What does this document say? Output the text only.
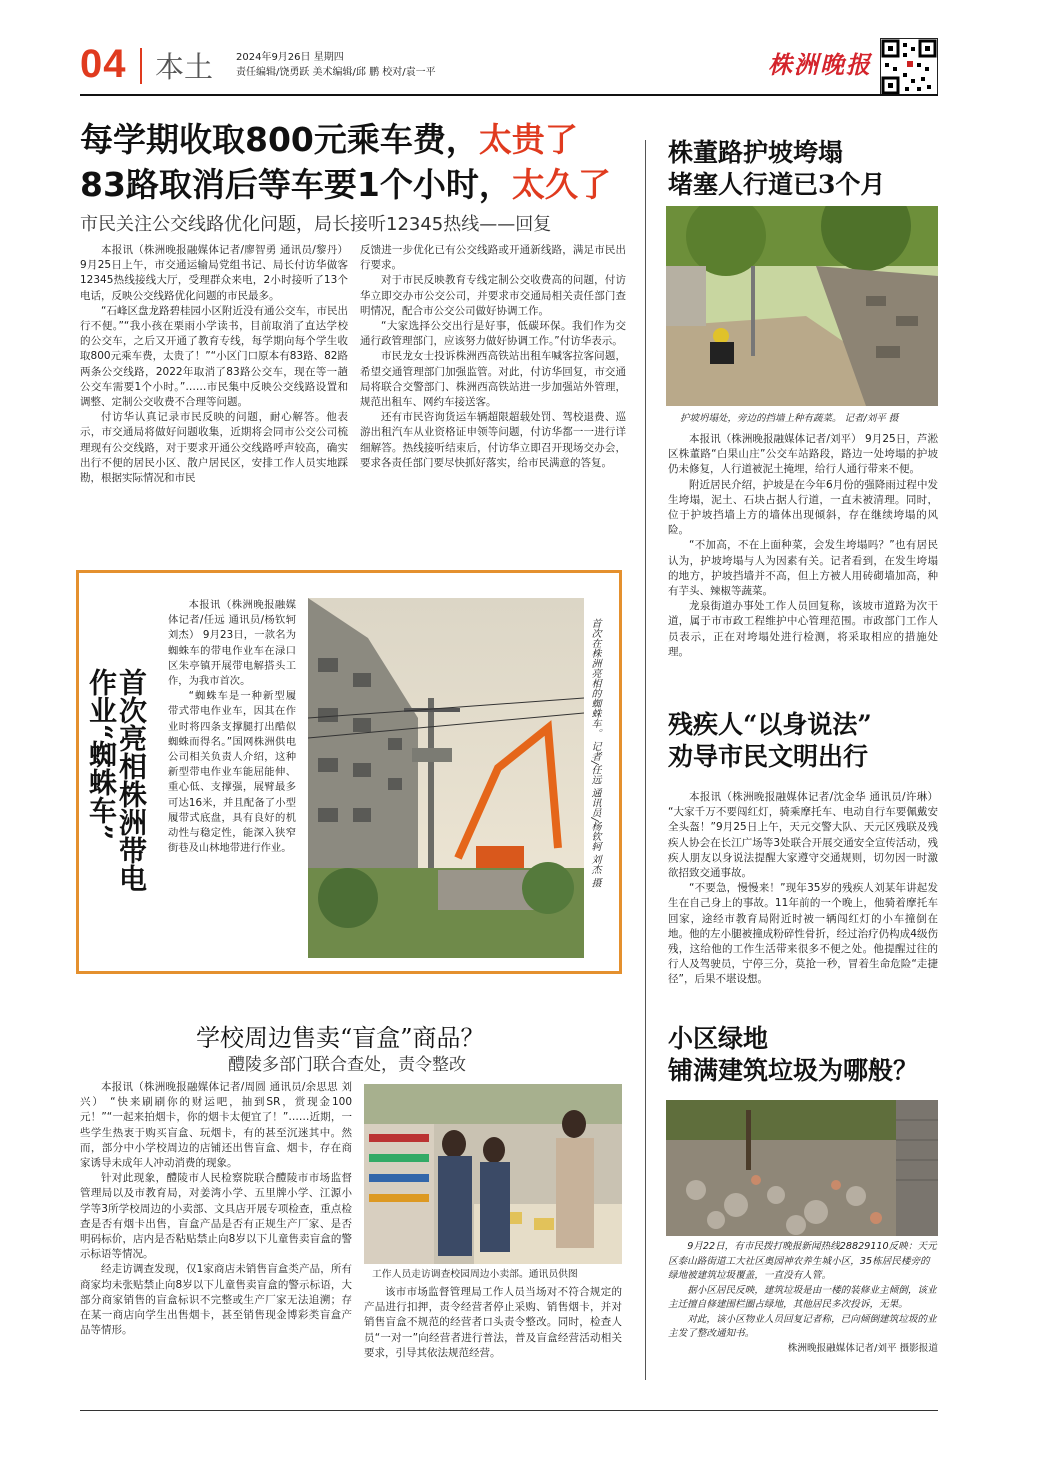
04 本土 2024年9月26日 星期四
责任编辑/饶勇跃 美术编辑/邱 鹏 校对/袁一平	株洲晚报
每学期收取800元乘车费，太贵了
83路取消后等车要1个小时，太久了
市民关注公交线路优化问题，局长接听12345热线——回复

本报讯（株洲晚报融媒体记者/廖智勇 通讯员/黎丹） 9月25日上午，市交通运输局党组书记、局长付访华做客12345热线接线大厅，受理群众来电，2小时接听了13个电话，反映公交线路优化问题的市民最多。

“石峰区盘龙路碧桂园小区附近没有通公交车，市民出行不便。”“我小孩在栗雨小学读书，目前取消了直达学校的公交车，之后又开通了教育专线，每学期向每个学生收取800元乘车费，太贵了！”“小区门口原本有83路、82路两条公交线路，2022年取消了83路公交车，现在等一趟公交车需要1个小时。”……市民集中反映公交线路设置和调整、定制公交收费不合理等问题。

付访华认真记录市民反映的问题，耐心解答。他表示，市交通局将做好问题收集，近期将会同市公交公司梳理现有公交线路，对于要求开通公交线路呼声较高，确实出行不便的居民小区、散户居民区，安排工作人员实地踩勘，根据实际情况和市民

反馈进一步优化已有公交线路或开通新线路，满足市民出行要求。

对于市民反映教育专线定制公交收费高的问题，付访华立即交办市公交公司，并要求市交通局相关责任部门查明情况，配合市公交公司做好协调工作。

“大家选择公交出行是好事，低碳环保。我们作为交通行政管理部门，应该努力做好协调工作。”付访华表示。

市民龙女士投诉株洲西高铁站出租车喊客拉客问题，希望交通管理部门加强监管。对此，付访华回复，市交通局将联合交警部门、株洲西高铁站进一步加强站外管理，规范出租车、网约车接送客。

还有市民咨询货运车辆超限超载处罚、驾校退费、巡游出租汽车从业资格证申领等问题，付访华都一一进行详细解答。热线接听结束后，付访华立即召开现场交办会，要求各责任部门要尽快抓好落实，给市民满意的答复。

首次亮相株洲带电作业“蜘蛛车”

本报讯（株洲晚报融媒体记者/任远 通讯员/杨钦轲 刘杰） 9月23日，一款名为蜘蛛车的带电作业车在渌口区朱亭镇开展带电解搭头工作，为我市首次。

“蜘蛛车是一种新型履带式带电作业车，因其在作业时将四条支撑腿打出酷似蜘蛛而得名。”国网株洲供电公司相关负责人介绍，这种新型带电作业车能屈能伸、重心低、支撑强，展臂最多可达16米，并且配备了小型履带式底盘，具有良好的机动性与稳定性，能深入狭窄街巷及山林地带进行作业。	首次在株洲亮相的蜘蛛车。 记者/任远 通讯员/杨钦轲 刘杰 摄
学校周边售卖“盲盒”商品？
醴陵多部门联合查处，责令整改

本报讯（株洲晚报融媒体记者/周圆 通讯员/余思思 刘兴） “快来刷刷你的财运吧，抽到SR，赏现金100元！”“一起来拍烟卡，你的烟卡太便宜了！”……近期，一些学生热衷于购买盲盒、玩烟卡，有的甚至沉迷其中。然而，部分中小学校周边的店铺还出售盲盒、烟卡，存在商家诱导未成年人冲动消费的现象。

针对此现象，醴陵市人民检察院联合醴陵市市场监督管理局以及市教育局，对姜湾小学、五里牌小学、江源小学等3所学校周边的小卖部、文具店开展专项检查，重点检查是否有烟卡出售，盲盒产品是否有正规生产厂家、是否明码标价，店内是否粘贴禁止向8岁以下儿童售卖盲盒的警示标语等情况。

经走访调查发现，仅1家商店未销售盲盒类产品，所有商家均未张贴禁止向8岁以下儿童售卖盲盒的警示标语，大部分商家销售的盲盒标识不完整或生产厂家无法追溯；存在某一商店向学生出售烟卡，甚至销售现金博彩类盲盒产品等情形。

工作人员走访调查校园周边小卖部。通讯员供图

该市市场监督管理局工作人员当场对不符合规定的产品进行扣押，责令经营者停止采购、销售烟卡，并对销售盲盒不规范的经营者口头责令整改。同时，检查人员“一对一”向经营者进行普法，普及盲盒经营活动相关要求，引导其依法规范经营。

株董路护坡垮塌
堵塞人行道已3个月
护坡坍塌处，旁边的挡墙上种有蔬菜。 记者/刘平 摄

本报讯（株洲晚报融媒体记者/刘平） 9月25日，芦淞区株董路“白果山庄”公交车站路段，路边一处垮塌的护坡仍未修复，人行道被泥土掩埋，给行人通行带来不便。

附近居民介绍，护坡是在今年6月份的强降雨过程中发生垮塌，泥土、石块占据人行道，一直未被清理。同时，位于护坡挡墙上方的墙体出现倾斜，存在继续垮塌的风险。

“不加高，不在上面种菜，会发生垮塌吗？”也有居民认为，护坡垮塌与人为因素有关。记者看到，在发生垮塌的地方，护坡挡墙并不高，但上方被人用砖砌墙加高，种有芋头、辣椒等蔬菜。

龙泉街道办事处工作人员回复称，该坡市道路为次干道，属于市市政工程维护中心管理范围。市政部门工作人员表示，正在对垮塌处进行检测，将采取相应的措施处理。

残疾人“以身说法”
劝导市民文明出行

本报讯（株洲晚报融媒体记者/沈金华 通讯员/许琳） “大家千万不要闯红灯，骑乘摩托车、电动自行车要佩戴安全头盔！”9月25日上午，天元交警大队、天元区残联及残疾人协会在长江广场等3处联合开展交通安全宣传活动，残疾人朋友以身说法提醒大家遵守交通规则，切勿因一时激欲招致交通事故。

“不要急，慢慢来！”现年35岁的残疾人刘某年讲起发生在自己身上的事故。11年前的一个晚上，他骑着摩托车回家，途经市教育局附近时被一辆闯红灯的小车撞倒在地。他的左小腿被撞成粉碎性骨折，经过治疗仍构成4级伤残，这给他的工作生活带来很多不便之处。他提醒过往的行人及驾驶员，宁停三分，莫抢一秒，冒着生命危险“走捷径”，后果不堪设想。

小区绿地
铺满建筑垃圾为哪般？

9月22日，有市民拨打晚报新闻热线28829110反映：天元区泰山路街道工大社区奥园神农养生城小区，35栋居民楼旁的绿地被建筑垃圾覆盖，一直没有人管。

据小区居民反映，建筑垃圾是由一楼的装修业主倾倒，该业主迁擅自修建围栏圈占绿地，其他居民多次投诉，无果。

对此，该小区物业人员回复记者称，已向倾倒建筑垃圾的业主发了整改通知书。

株洲晚报融媒体记者/刘平 摄影报道
